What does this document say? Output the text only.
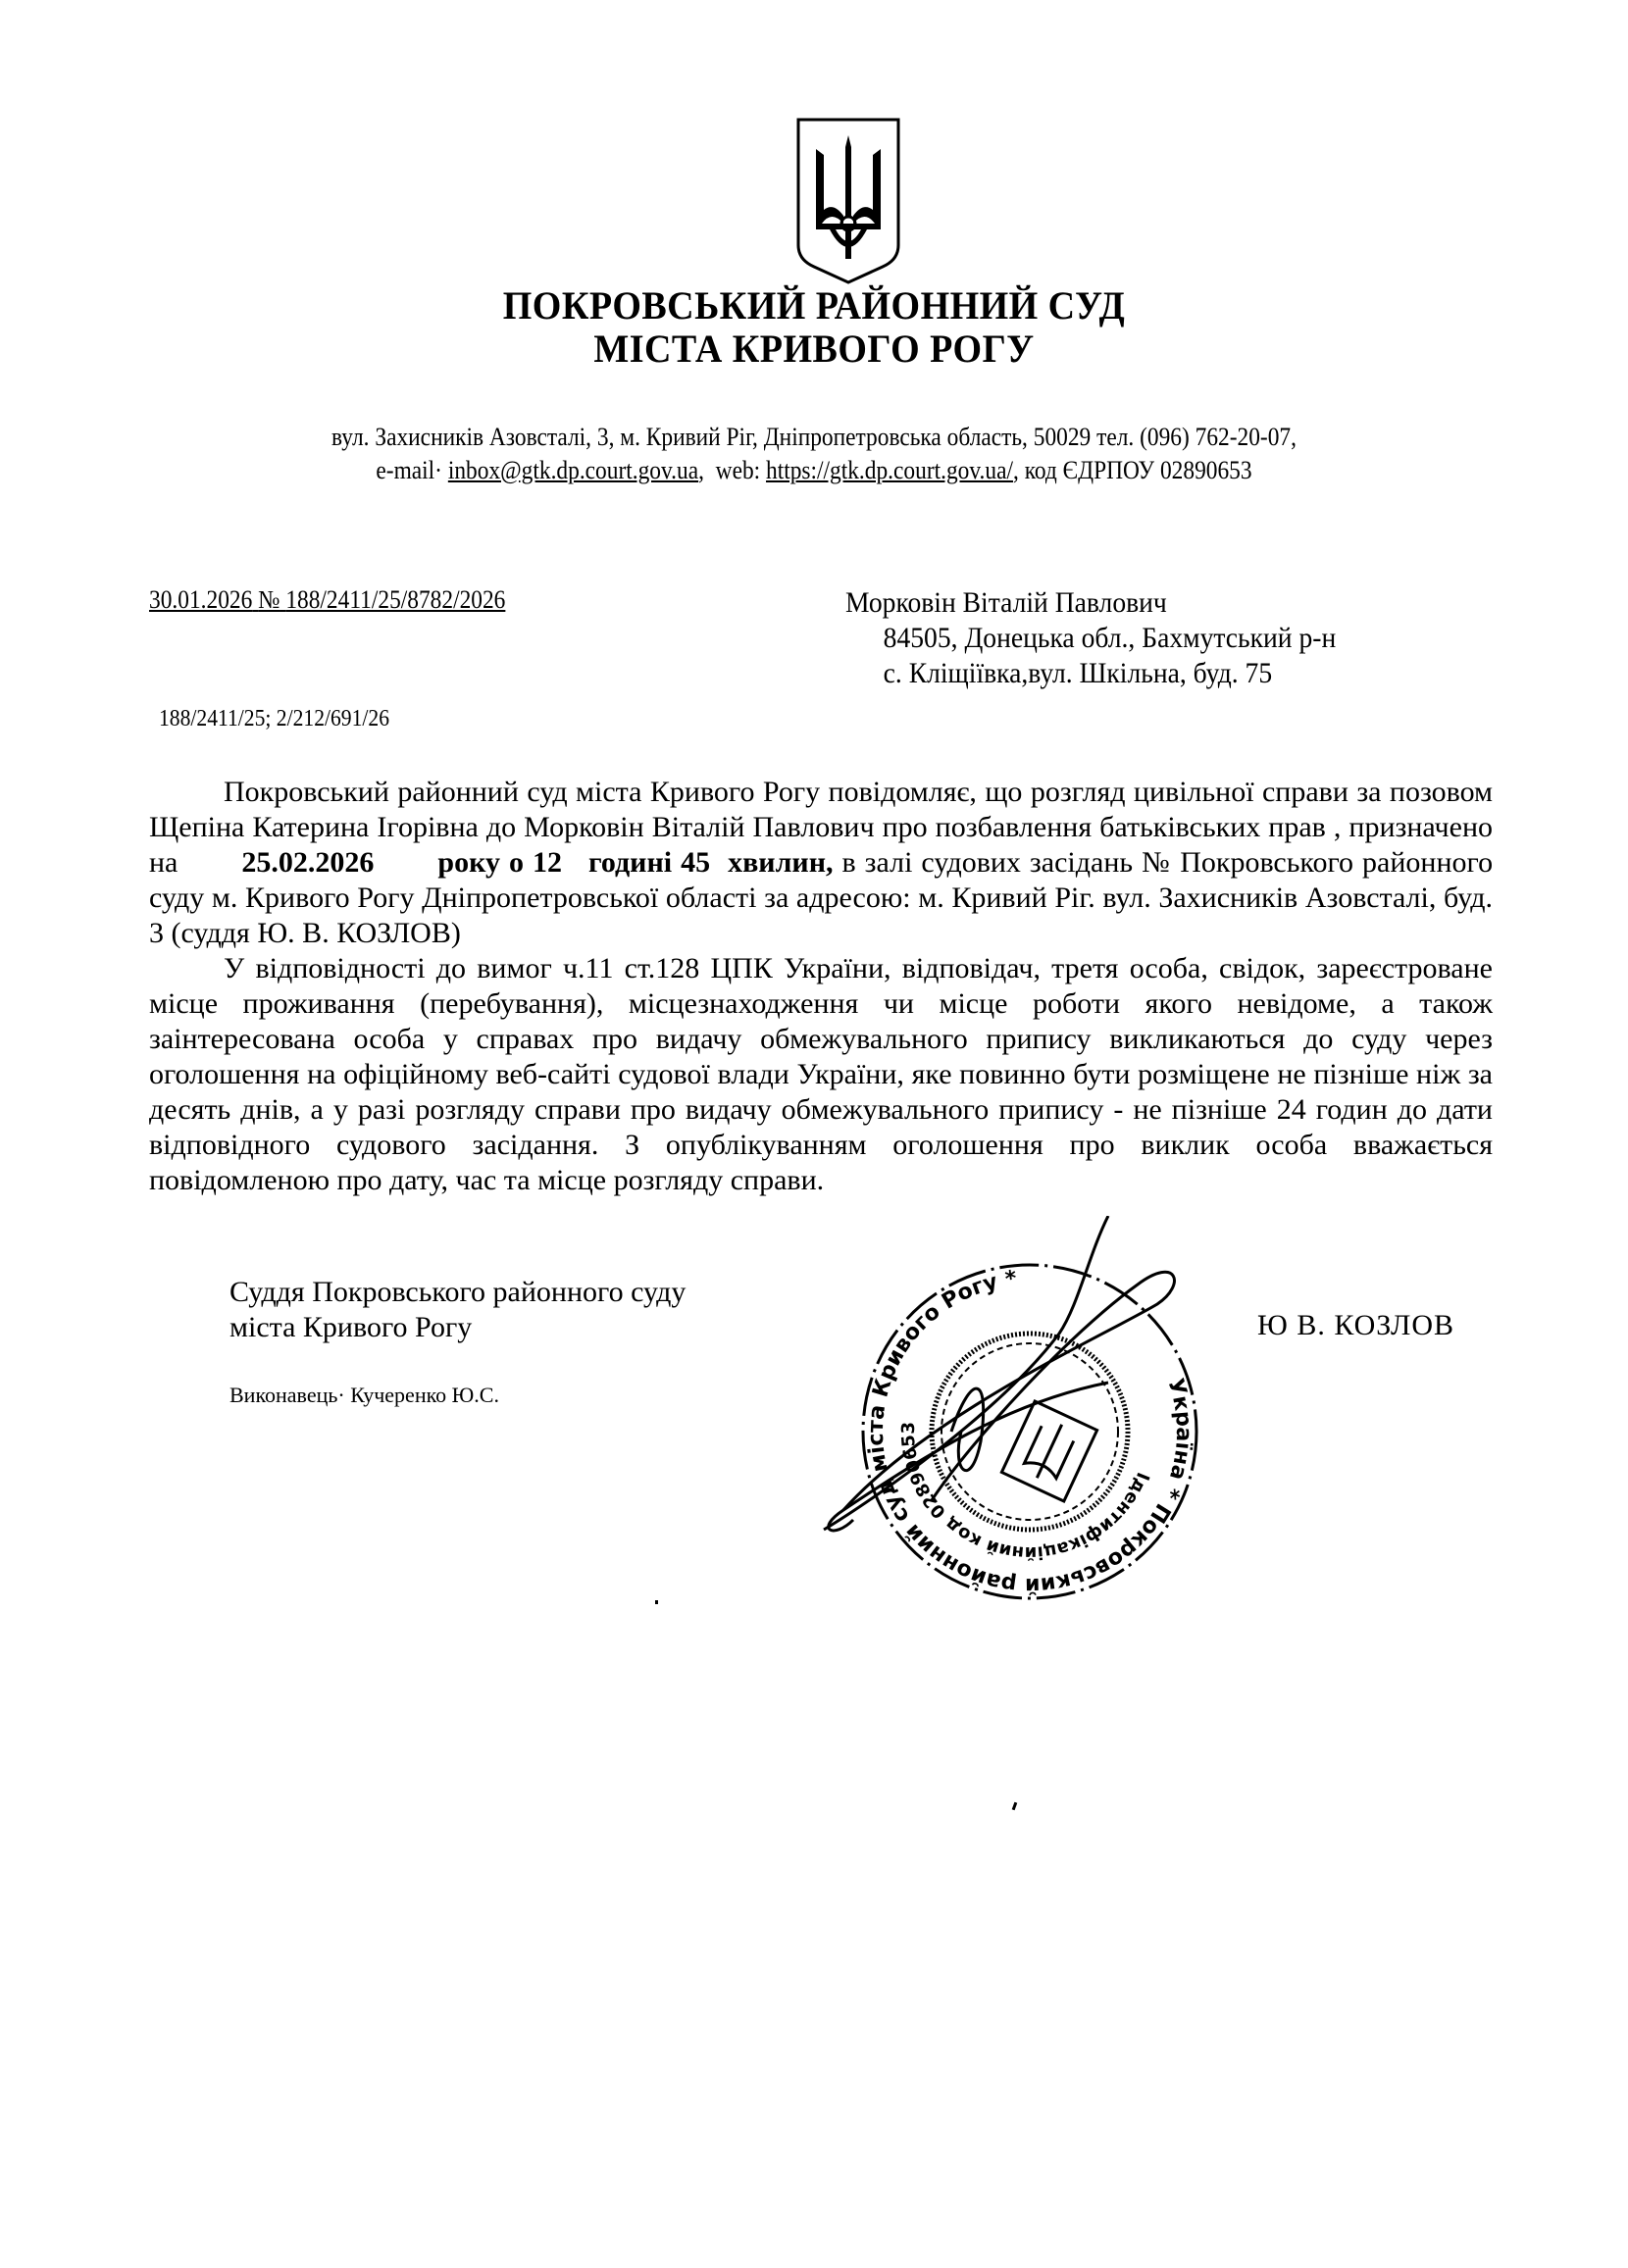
ПОКРОВСЬКИЙ РАЙОННИЙ СУД
МІСТА КРИВОГО РОГУ
вул. Захисників Азовсталі, 3, м. Кривий Ріг, Дніпропетровська область, 50029 тел. (096) 762-20-07,
e-mail· inbox@gtk.dp.court.gov.ua,  web: https://gtk.dp.court.gov.ua/, код ЄДРПОУ 02890653
30.01.2026 № 188/2411/25/8782/2026
188/2411/25; 2/212/691/26
Морковін Віталій Павлович
84505, Донецька обл., Бахмутський р-н
с. Кліщіївка,вул. Шкільна, буд. 75

Покровський районний суд міста Кривого Рогу повідомляє, що розгляд цивільної справи за позовом Щепіна Катерина Ігорівна до Морковін Віталій Павлович про позбавлення батьківських прав , призначено на 25.02.2026 року о 12 годині 45 хвилин, в залі судових засідань № Покровського районного суду м. Кривого Рогу Дніпропетровської області за адресою: м. Кривий Ріг. вул. Захисників Азовсталі, буд. 3 (суддя Ю. В. КОЗЛОВ)

У відповідності до вимог ч.11 ст.128 ЦПК України, відповідач, третя особа, свідок, зареєстроване місце проживання (перебування), місцезнаходження чи місце роботи якого невідоме, а також заінтересована особа у справах про видачу обмежувального припису викликаються до суду через оголошення на офіційному веб-сайті судової влади України, яке повинно бути розміщене не пізніше ніж за десять днів, а у разі розгляду справи про видачу обмежувального припису - не пізніше 24 годин до дати відповідного судового засідання. З опублікуванням оголошення про виклик особа вважається повідомленою про дату, час та місце розгляду справи.

Суддя Покровського районного суду
міста Кривого Рогу
Виконавець· Кучеренко Ю.С.
Ю В. КОЗЛОВ
Україна * Покровський районний суд міста Кривого Рогу *
Ідентифікаційний код 02890653
